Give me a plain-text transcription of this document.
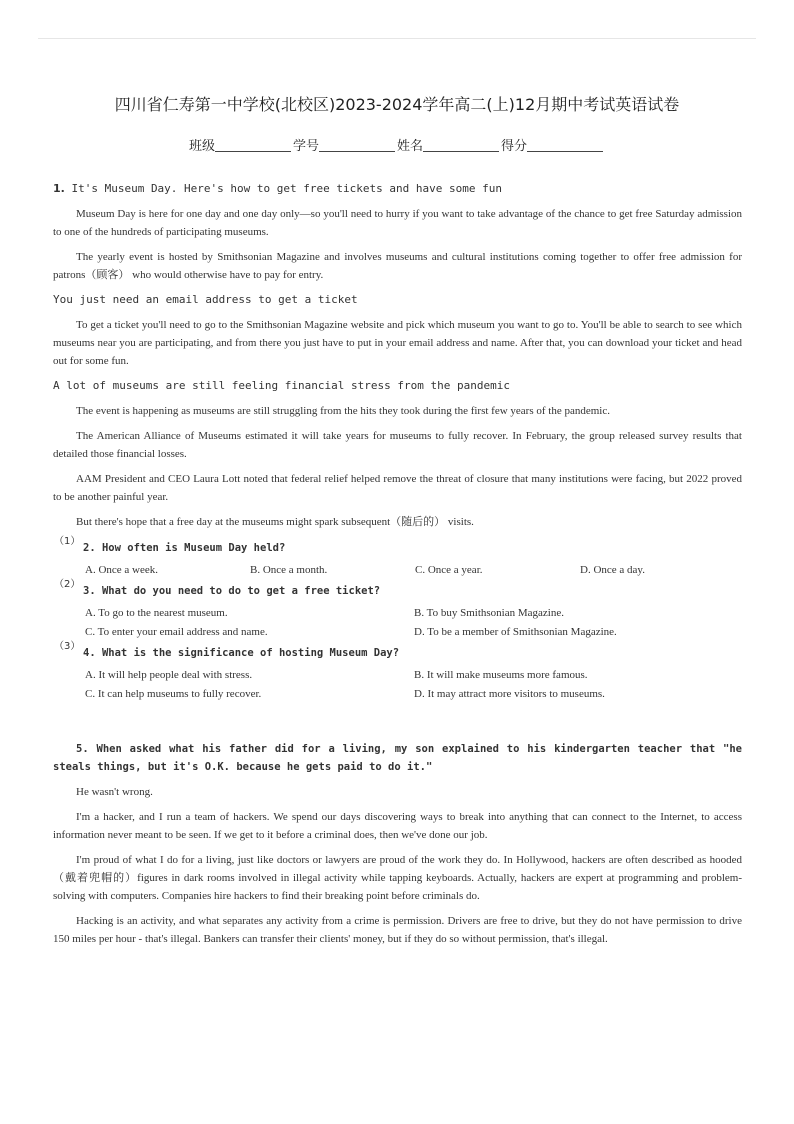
四川省仁寿第一中学校(北校区)2023-2024学年高二(上)12月期中考试英语试卷
班级	学号	姓名	得分

1. It's Museum Day. Here's how to get free tickets and have some fun

Museum Day is here for one day and one day only—so you'll need to hurry if you want to take advantage of the chance to get free Saturday admission to one of the hundreds of participating museums.

The yearly event is hosted by Smithsonian Magazine and involves museums and cultural institutions coming together to offer free admission for patrons（顾客） who would otherwise have to pay for entry.

You just need an email address to get a ticket

To get a ticket you'll need to go to the Smithsonian Magazine website and pick which museum you want to go to. You'll be able to search to see which museums near you are participating, and from there you just have to put in your email address and name. After that, you can download your ticket and head out for some fun.

A lot of museums are still feeling financial stress from the pandemic

The event is happening as museums are still struggling from the hits they took during the first few years of the pandemic.

The American Alliance of Museums estimated it will take years for museums to fully recover. In February, the group released survey results that detailed those financial losses.

AAM President and CEO Laura Lott noted that federal relief helped remove the threat of closure that many institutions were facing, but 2022 proved to be another painful year.

But there's hope that a free day at the museums might spark subsequent（随后的） visits.

（1）
2. How often is Museum Day held?
A. Once a week.	B. Once a month.	C. Once a year.	D. Once a day.
（2）
3. What do you need to do to get a free ticket?
A. To go to the nearest museum.	B. To buy Smithsonian Magazine.
C. To enter your email address and name.	D. To be a member of Smithsonian Magazine.
（3）
4. What is the significance of hosting Museum Day?
A. It will help people deal with stress.	B. It will make museums more famous.
C. It can help museums to fully recover.	D. It may attract more visitors to museums.

5. When asked what his father did for a living, my son explained to his kindergarten teacher that "he steals things, but it's O.K. because he gets paid to do it."

He wasn't wrong.

I'm a hacker, and I run a team of hackers. We spend our days discovering ways to break into anything that can connect to the Internet, to access information never meant to be seen. If we get to it before a criminal does, then we've done our job.

I'm proud of what I do for a living, just like doctors or lawyers are proud of the work they do. In Hollywood, hackers are often described as hooded（戴着兜帽的）figures in dark rooms involved in illegal activity while tapping keyboards. Actually, hackers are expert at programming and problem-solving with computers. Companies hire hackers to find their breaking point before criminals do.

Hacking is an activity, and what separates any activity from a crime is permission. Drivers are free to drive, but they do not have permission to drive 150 miles per hour - that's illegal. Bankers can transfer their clients' money, but if they do so without permission, that's illegal.
